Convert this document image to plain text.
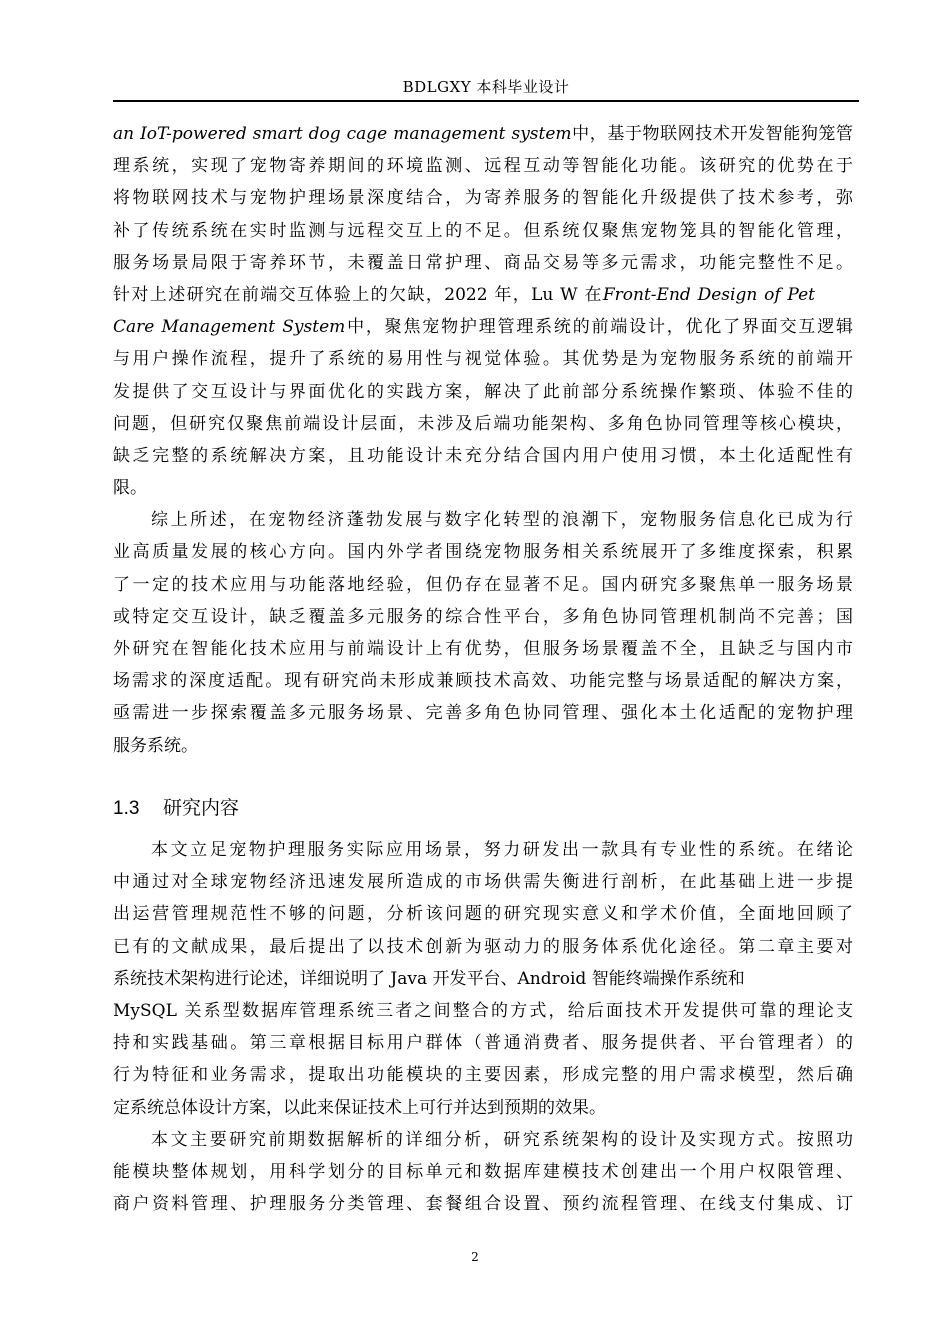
BDLGXY 本科毕业设计
an IoT-powered smart dog cage management system中，基于物联网技术开发智能狗笼管
理系统，实现了宠物寄养期间的环境监测、远程互动等智能化功能。该研究的优势在于
将物联网技术与宠物护理场景深度结合，为寄养服务的智能化升级提供了技术参考，弥
补了传统系统在实时监测与远程交互上的不足。但系统仅聚焦宠物笼具的智能化管理，
服务场景局限于寄养环节，未覆盖日常护理、商品交易等多元需求，功能完整性不足。
针对上述研究在前端交互体验上的欠缺，2022 年，Lu W 在Front-End Design of Pet
Care Management System中，聚焦宠物护理管理系统的前端设计，优化了界面交互逻辑
与用户操作流程，提升了系统的易用性与视觉体验。其优势是为宠物服务系统的前端开
发提供了交互设计与界面优化的实践方案，解决了此前部分系统操作繁琐、体验不佳的
问题，但研究仅聚焦前端设计层面，未涉及后端功能架构、多角色协同管理等核心模块，
缺乏完整的系统解决方案，且功能设计未充分结合国内用户使用习惯，本土化适配性有
限。
综上所述，在宠物经济蓬勃发展与数字化转型的浪潮下，宠物服务信息化已成为行
业高质量发展的核心方向。国内外学者围绕宠物服务相关系统展开了多维度探索，积累
了一定的技术应用与功能落地经验，但仍存在显著不足。国内研究多聚焦单一服务场景
或特定交互设计，缺乏覆盖多元服务的综合性平台，多角色协同管理机制尚不完善；国
外研究在智能化技术应用与前端设计上有优势，但服务场景覆盖不全，且缺乏与国内市
场需求的深度适配。现有研究尚未形成兼顾技术高效、功能完整与场景适配的解决方案，
亟需进一步探索覆盖多元服务场景、完善多角色协同管理、强化本土化适配的宠物护理
服务系统。
1.3 研究内容
本文立足宠物护理服务实际应用场景，努力研发出一款具有专业性的系统。在绪论
中通过对全球宠物经济迅速发展所造成的市场供需失衡进行剖析，在此基础上进一步提
出运营管理规范性不够的问题，分析该问题的研究现实意义和学术价值，全面地回顾了
已有的文献成果，最后提出了以技术创新为驱动力的服务体系优化途径。第二章主要对
系统技术架构进行论述，详细说明了 Java 开发平台、Android 智能终端操作系统和
MySQL 关系型数据库管理系统三者之间整合的方式，给后面技术开发提供可靠的理论支
持和实践基础。第三章根据目标用户群体（普通消费者、服务提供者、平台管理者）的
行为特征和业务需求，提取出功能模块的主要因素，形成完整的用户需求模型，然后确
定系统总体设计方案，以此来保证技术上可行并达到预期的效果。
本文主要研究前期数据解析的详细分析，研究系统架构的设计及实现方式。按照功
能模块整体规划，用科学划分的目标单元和数据库建模技术创建出一个用户权限管理、
商户资料管理、护理服务分类管理、套餐组合设置、预约流程管理、在线支付集成、订
2
